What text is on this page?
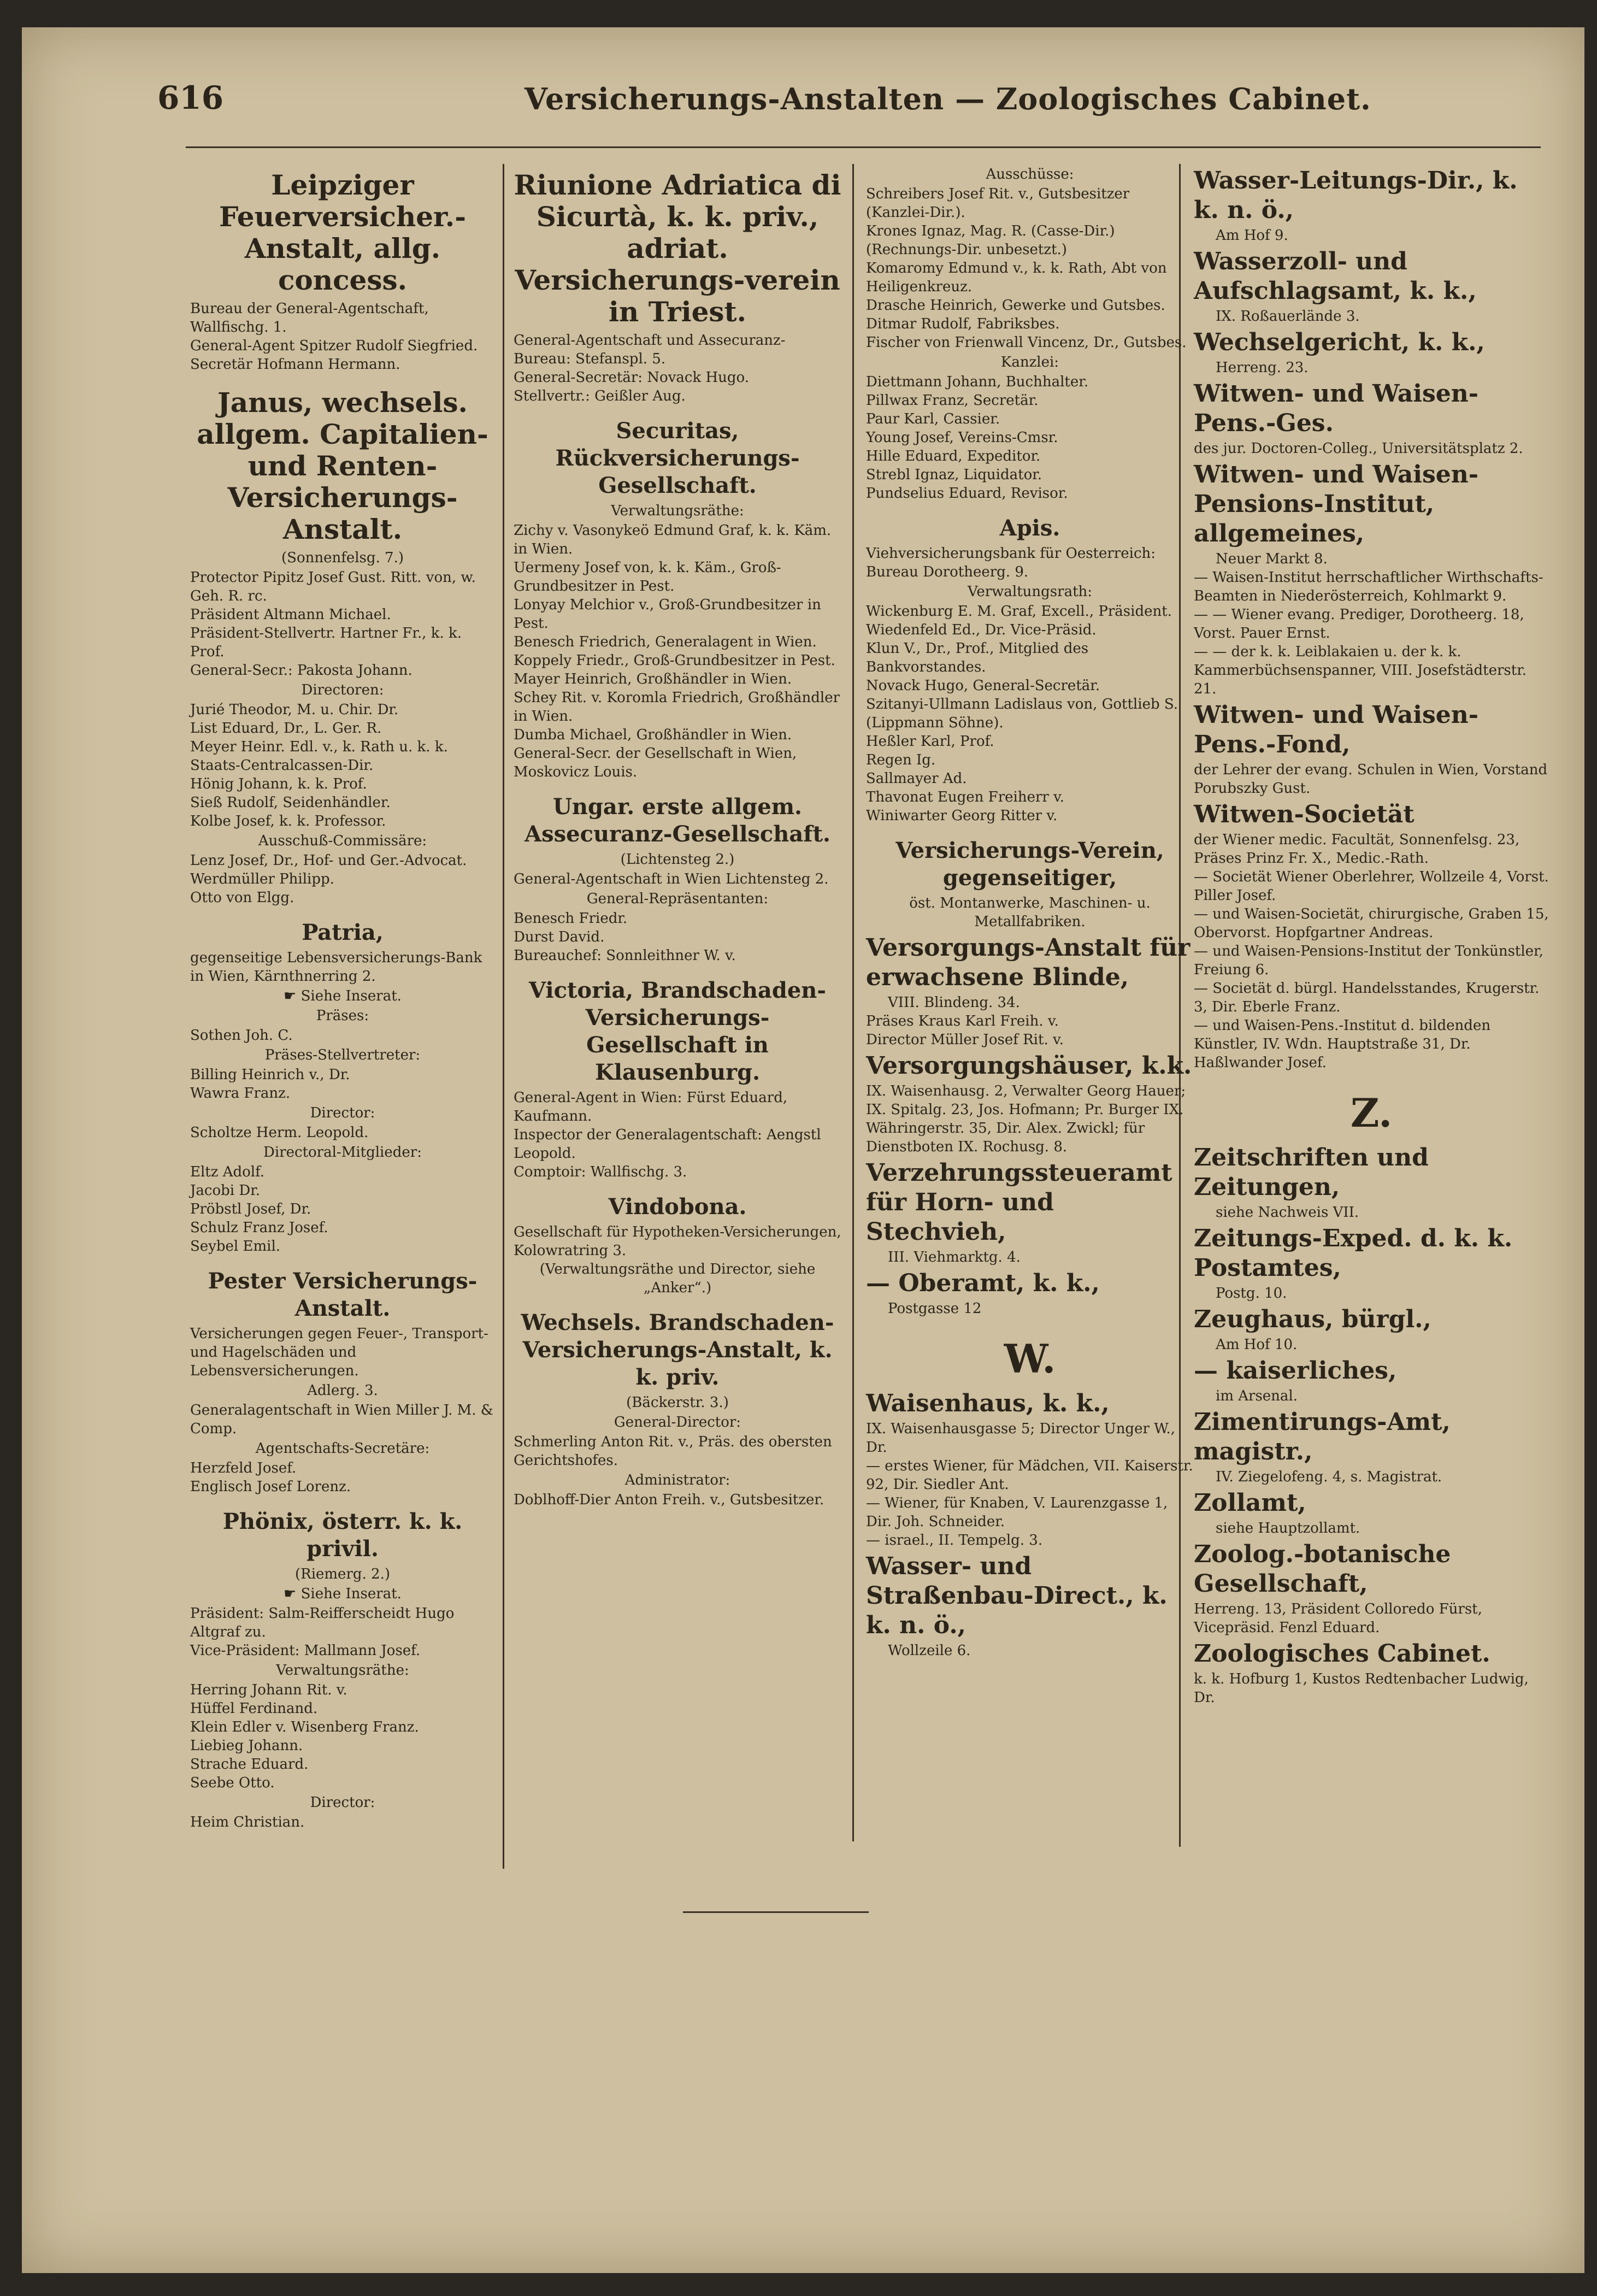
616	Versicherungs-Anstalten — Zoologisches Cabinet.
Leipziger Feuerversicher.-Anstalt, allg. concess.
Bureau der General-Agentschaft, Wallfischg. 1.
General-Agent Spitzer Rudolf Siegfried.
Secretär Hofmann Hermann.
Janus, wechsels. allgem. Capitalien- und Renten-Versicherungs-Anstalt.
(Sonnenfelsg. 7.)
Protector Pipitz Josef Gust. Ritt. von, w. Geh. R. rc.
Präsident Altmann Michael.
Präsident-Stellvertr. Hartner Fr., k. k. Prof.
General-Secr.: Pakosta Johann.
Directoren:
Jurié Theodor, M. u. Chir. Dr.
List Eduard, Dr., L. Ger. R.
Meyer Heinr. Edl. v., k. Rath u. k. k. Staats-Centralcassen-Dir.
Hönig Johann, k. k. Prof.
Sieß Rudolf, Seidenhändler.
Kolbe Josef, k. k. Professor.
Ausschuß-Commissäre:
Lenz Josef, Dr., Hof- und Ger.-Advocat.
Werdmüller Philipp.
Otto von Elgg.
Patria,
gegenseitige Lebensversicherungs-Bank in Wien, Kärnthnerring 2.
☛ Siehe Inserat.
Präses:
Sothen Joh. C.
Präses-Stellvertreter:
Billing Heinrich v., Dr.
Wawra Franz.
Director:
Scholtze Herm. Leopold.
Directoral-Mitglieder:
Eltz Adolf.
Jacobi Dr.
Pröbstl Josef, Dr.
Schulz Franz Josef.
Seybel Emil.
Pester Versicherungs-Anstalt.
Versicherungen gegen Feuer-, Transport- und Hagelschäden und Lebensversicherungen.
Adlerg. 3.
Generalagentschaft in Wien Miller J. M. & Comp.
Agentschafts-Secretäre:
Herzfeld Josef.
Englisch Josef Lorenz.
Phönix, österr. k. k. privil.
(Riemerg. 2.)
☛ Siehe Inserat.
Präsident: Salm-Reifferscheidt Hugo Altgraf zu.
Vice-Präsident: Mallmann Josef.
Verwaltungsräthe:
Herring Johann Rit. v.
Hüffel Ferdinand.
Klein Edler v. Wisenberg Franz.
Liebieg Johann.
Strache Eduard.
Seebe Otto.
Director:
Heim Christian.
Riunione Adriatica di Sicurtà, k. k. priv., adriat. Versicherungs-verein in Triest.
General-Agentschaft und Assecuranz-Bureau: Stefanspl. 5.
General-Secretär: Novack Hugo.
Stellvertr.: Geißler Aug.
Securitas, Rückversicherungs-Gesellschaft.
Verwaltungsräthe:
Zichy v. Vasonykeö Edmund Graf, k. k. Käm. in Wien.
Uermeny Josef von, k. k. Käm., Groß-Grundbesitzer in Pest.
Lonyay Melchior v., Groß-Grundbesitzer in Pest.
Benesch Friedrich, Generalagent in Wien.
Koppely Friedr., Groß-Grundbesitzer in Pest.
Mayer Heinrich, Großhändler in Wien.
Schey Rit. v. Koromla Friedrich, Großhändler in Wien.
Dumba Michael, Großhändler in Wien.
General-Secr. der Gesellschaft in Wien, Moskovicz Louis.
Ungar. erste allgem. Assecuranz-Gesellschaft.
(Lichtensteg 2.)
General-Agentschaft in Wien Lichtensteg 2.
General-Repräsentanten:
Benesch Friedr.
Durst David.
Bureauchef: Sonnleithner W. v.
Victoria, Brandschaden-Versicherungs-Gesellschaft in Klausenburg.
General-Agent in Wien: Fürst Eduard, Kaufmann.
Inspector der Generalagentschaft: Aengstl Leopold.
Comptoir: Wallfischg. 3.
Vindobona.
Gesellschaft für Hypotheken-Versicherungen, Kolowratring 3.
(Verwaltungsräthe und Director, siehe „Anker“.)
Wechsels. Brandschaden-Versicherungs-Anstalt, k. k. priv.
(Bäckerstr. 3.)
General-Director:
Schmerling Anton Rit. v., Präs. des obersten Gerichtshofes.
Administrator:
Doblhoff-Dier Anton Freih. v., Gutsbesitzer.
Ausschüsse:
Schreibers Josef Rit. v., Gutsbesitzer (Kanzlei-Dir.).
Krones Ignaz, Mag. R. (Casse-Dir.)
(Rechnungs-Dir. unbesetzt.)
Komaromy Edmund v., k. k. Rath, Abt von Heiligenkreuz.
Drasche Heinrich, Gewerke und Gutsbes.
Ditmar Rudolf, Fabriksbes.
Fischer von Frienwall Vincenz, Dr., Gutsbes.
Kanzlei:
Diettmann Johann, Buchhalter.
Pillwax Franz, Secretär.
Paur Karl, Cassier.
Young Josef, Vereins-Cmsr.
Hille Eduard, Expeditor.
Strebl Ignaz, Liquidator.
Pundselius Eduard, Revisor.
Apis.
Viehversicherungsbank für Oesterreich:
Bureau Dorotheerg. 9.
Verwaltungsrath:
Wickenburg E. M. Graf, Excell., Präsident.
Wiedenfeld Ed., Dr. Vice-Präsid.
Klun V., Dr., Prof., Mitglied des Bankvorstandes.
Novack Hugo, General-Secretär.
Szitanyi-Ullmann Ladislaus von, Gottlieb S. (Lippmann Söhne).
Heßler Karl, Prof.
Regen Ig.
Sallmayer Ad.
Thavonat Eugen Freiherr v.
Winiwarter Georg Ritter v.
Versicherungs-Verein, gegenseitiger,
öst. Montanwerke, Maschinen- u. Metallfabriken.
Versorgungs-Anstalt für erwachsene Blinde,
VIII. Blindeng. 34.
Präses Kraus Karl Freih. v.
Director Müller Josef Rit. v.
Versorgungshäuser, k.k.
IX. Waisenhausg. 2, Verwalter Georg Hauer; IX. Spitalg. 23, Jos. Hofmann; Pr. Burger IX. Währingerstr. 35, Dir. Alex. Zwickl; für Dienstboten IX. Rochusg. 8.
Verzehrungssteueramt für Horn- und Stechvieh,
III. Viehmarktg. 4.
— Oberamt, k. k.,
Postgasse 12
W.
Waisenhaus, k. k.,
IX. Waisenhausgasse 5; Director Unger W., Dr.
— erstes Wiener, für Mädchen, VII. Kaiserstr. 92, Dir. Siedler Ant.
— Wiener, für Knaben, V. Laurenzgasse 1, Dir. Joh. Schneider.
— israel., II. Tempelg. 3.
Wasser- und Straßenbau-Direct., k. k. n. ö.,
Wollzeile 6.
Wasser-Leitungs-Dir., k. k. n. ö.,
Am Hof 9.
Wasserzoll- und Aufschlagsamt, k. k.,
IX. Roßauerlände 3.
Wechselgericht, k. k.,
Herreng. 23.
Witwen- und Waisen-Pens.-Ges.
des jur. Doctoren-Colleg., Universitätsplatz 2.
Witwen- und Waisen-Pensions-Institut, allgemeines,
Neuer Markt 8.
— Waisen-Institut herrschaftlicher Wirthschafts-Beamten in Niederösterreich, Kohlmarkt 9.
— — Wiener evang. Prediger, Dorotheerg. 18, Vorst. Pauer Ernst.
— — der k. k. Leiblakaien u. der k. k. Kammerbüchsenspanner, VIII. Josefstädterstr. 21.
Witwen- und Waisen-Pens.-Fond,
der Lehrer der evang. Schulen in Wien, Vorstand Porubszky Gust.
Witwen-Societät
der Wiener medic. Facultät, Sonnenfelsg. 23, Präses Prinz Fr. X., Medic.-Rath.
— Societät Wiener Oberlehrer, Wollzeile 4, Vorst. Piller Josef.
— und Waisen-Societät, chirurgische, Graben 15, Obervorst. Hopfgartner Andreas.
— und Waisen-Pensions-Institut der Tonkünstler, Freiung 6.
— Societät d. bürgl. Handelsstandes, Krugerstr. 3, Dir. Eberle Franz.
— und Waisen-Pens.-Institut d. bildenden Künstler, IV. Wdn. Hauptstraße 31, Dr. Haßlwander Josef.
Z.
Zeitschriften und Zeitungen,
siehe Nachweis VII.
Zeitungs-Exped. d. k. k. Postamtes,
Postg. 10.
Zeughaus, bürgl.,
Am Hof 10.
— kaiserliches,
im Arsenal.
Zimentirungs-Amt, magistr.,
IV. Ziegelofeng. 4, s. Magistrat.
Zollamt,
siehe Hauptzollamt.
Zoolog.-botanische Gesellschaft,
Herreng. 13, Präsident Colloredo Fürst, Vicepräsid. Fenzl Eduard.
Zoologisches Cabinet.
k. k. Hofburg 1, Kustos Redtenbacher Ludwig, Dr.
